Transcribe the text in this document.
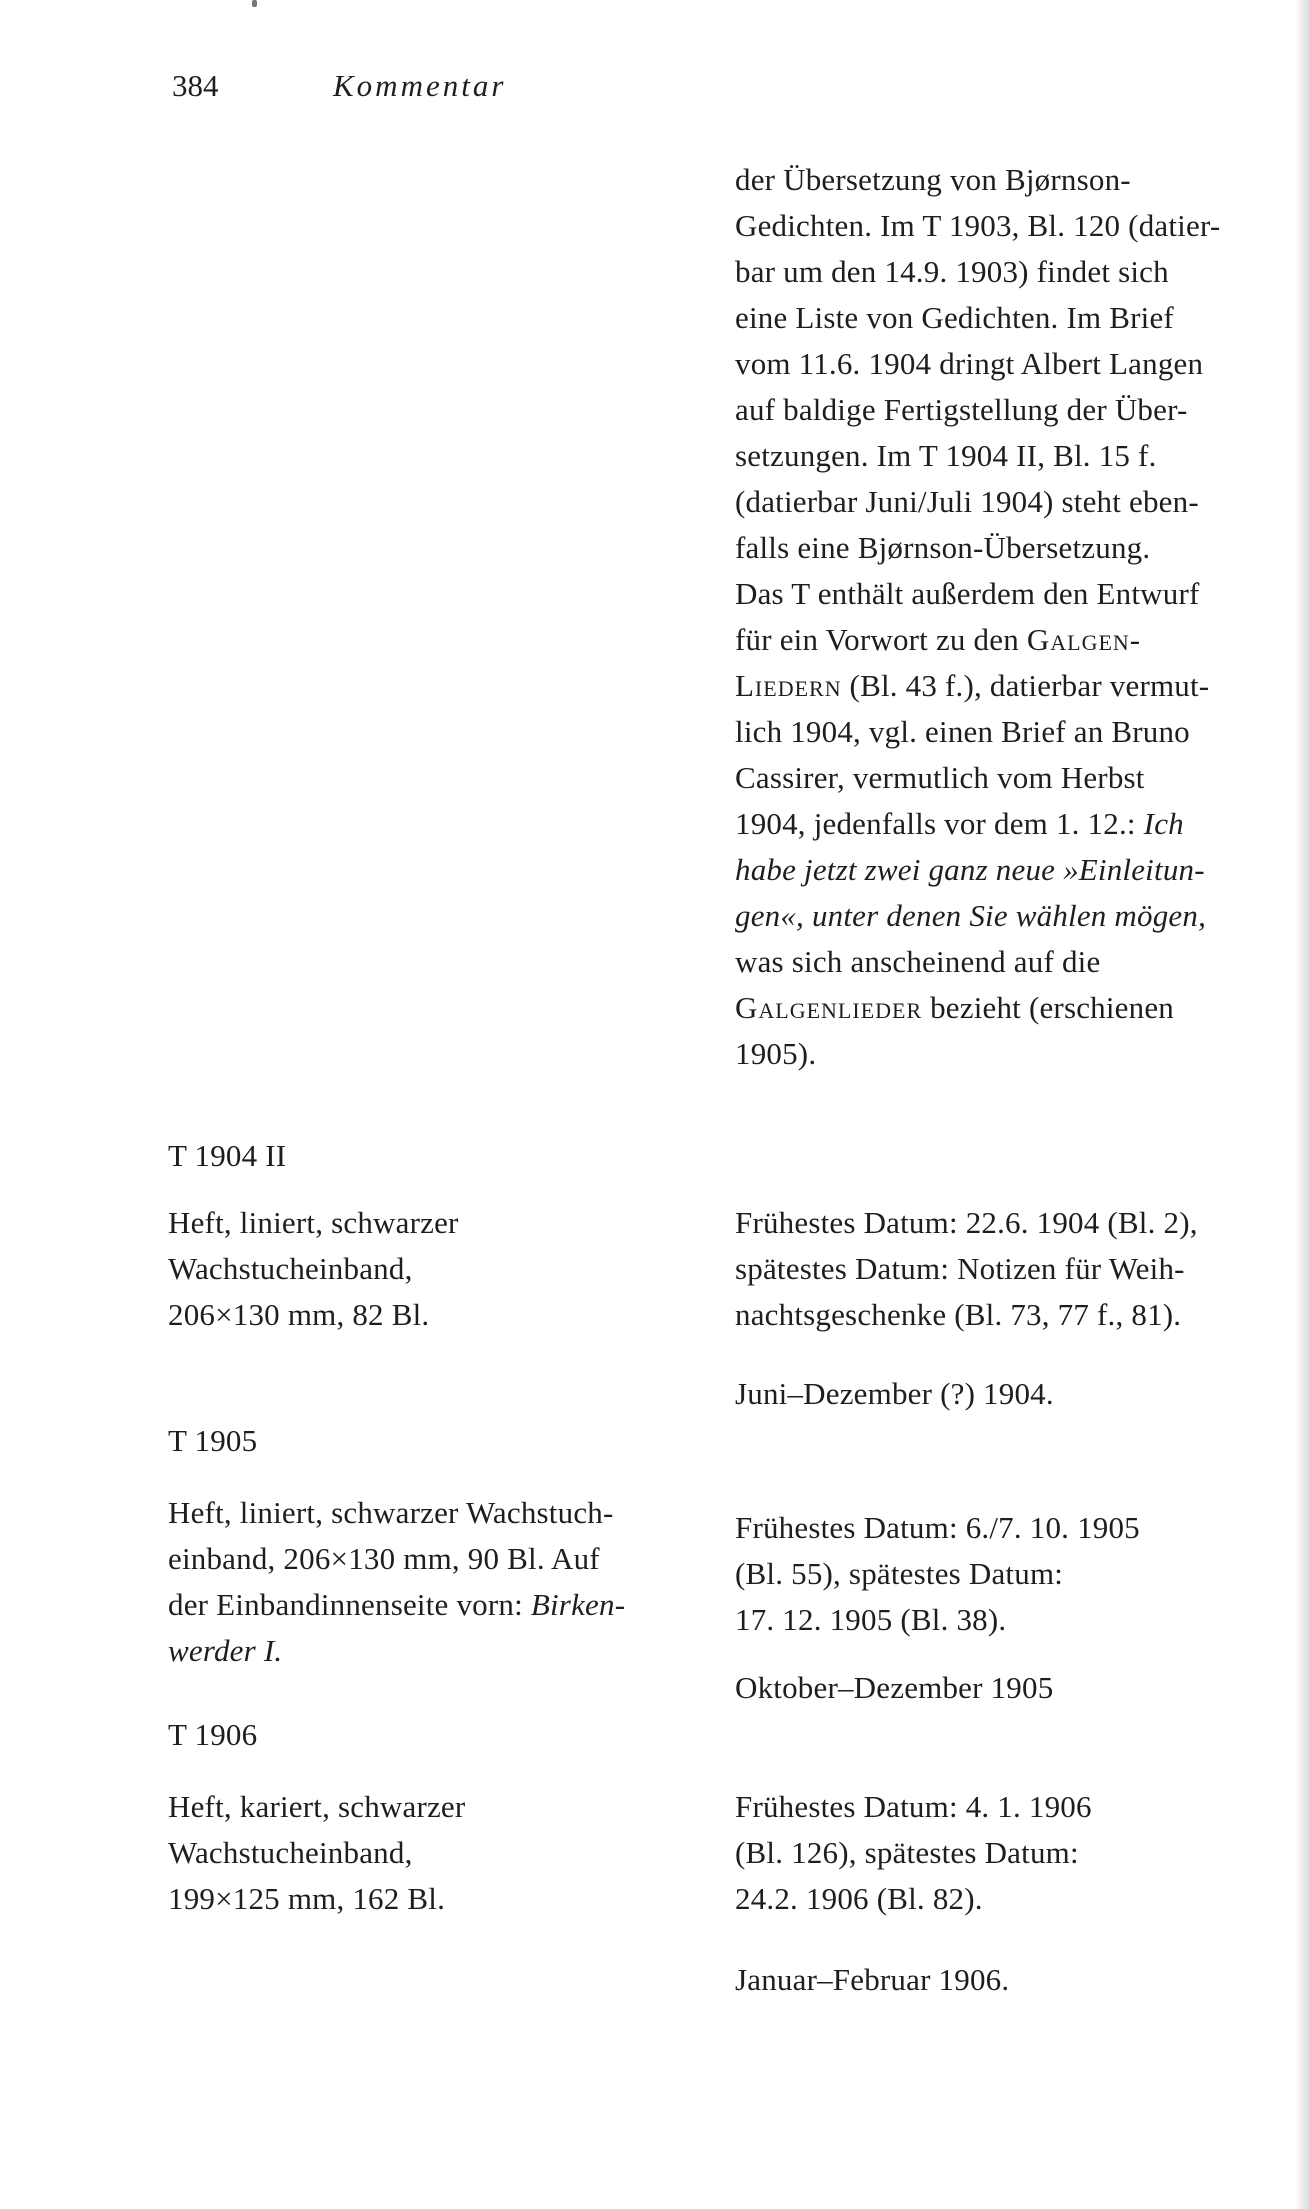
384	Kommentar
der Übersetzung von Bjørnson-
Gedichten. Im T 1903, Bl. 120 (datier-
bar um den 14.9. 1903) findet sich
eine Liste von Gedichten. Im Brief
vom 11.6. 1904 dringt Albert Langen
auf baldige Fertigstellung der Über-
setzungen. Im T 1904 II, Bl. 15 f.
(datierbar Juni/Juli 1904) steht eben-
falls eine Bjørnson-Übersetzung.
Das T enthält außerdem den Entwurf
für ein Vorwort zu den Galgen-
Liedern (Bl. 43 f.), datierbar vermut-
lich 1904, vgl. einen Brief an Bruno
Cassirer, vermutlich vom Herbst
1904, jedenfalls vor dem 1. 12.: Ich
habe jetzt zwei ganz neue »Einleitun-
gen«, unter denen Sie wählen mögen,
was sich anscheinend auf die
Galgenlieder bezieht (erschienen
1905).
T 1904 II
Heft, liniert, schwarzer
Wachstucheinband,
206×130 mm, 82 Bl.
Frühestes Datum: 22.6. 1904 (Bl. 2),
spätestes Datum: Notizen für Weih-
nachtsgeschenke (Bl. 73, 77 f., 81).
Juni–Dezember (?) 1904.
T 1905
Heft, liniert, schwarzer Wachstuch-
einband, 206×130 mm, 90 Bl. Auf
der Einbandinnenseite vorn: Birken-
werder I.
Frühestes Datum: 6./7. 10. 1905
(Bl. 55), spätestes Datum:
17. 12. 1905 (Bl. 38).
Oktober–Dezember 1905
T 1906
Heft, kariert, schwarzer
Wachstucheinband,
199×125 mm, 162 Bl.
Frühestes Datum: 4. 1. 1906
(Bl. 126), spätestes Datum:
24.2. 1906 (Bl. 82).
Januar–Februar 1906.
